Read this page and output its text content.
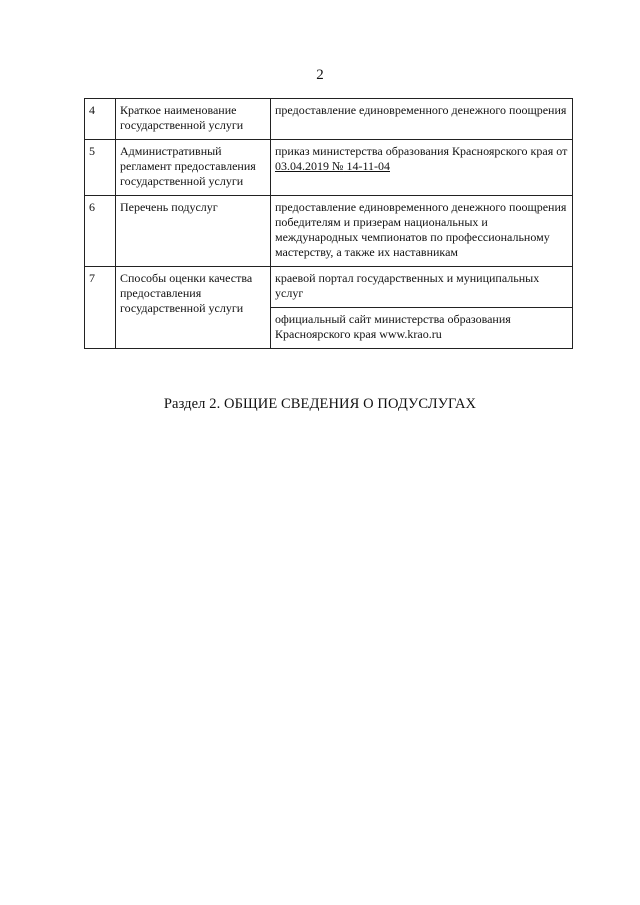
2
4	Краткое наименование государственной услуги	предоставление единовременного денежного поощрения
5	Административный регламент предоставления государственной услуги	приказ министерства образования Красноярского края от 03.04.2019 № 14-11-04
6	Перечень подуслуг	предоставление единовременного денежного поощрения победителям и призерам национальных и международных чемпионатов по профессиональному мастерству, а также их наставникам
7	Способы оценки качества предоставления государственной услуги	краевой портал государственных и муниципальных услуг
		официальный сайт министерства образования Красноярского края www.krao.ru
Раздел 2. ОБЩИЕ СВЕДЕНИЯ О ПОДУСЛУГАХ
